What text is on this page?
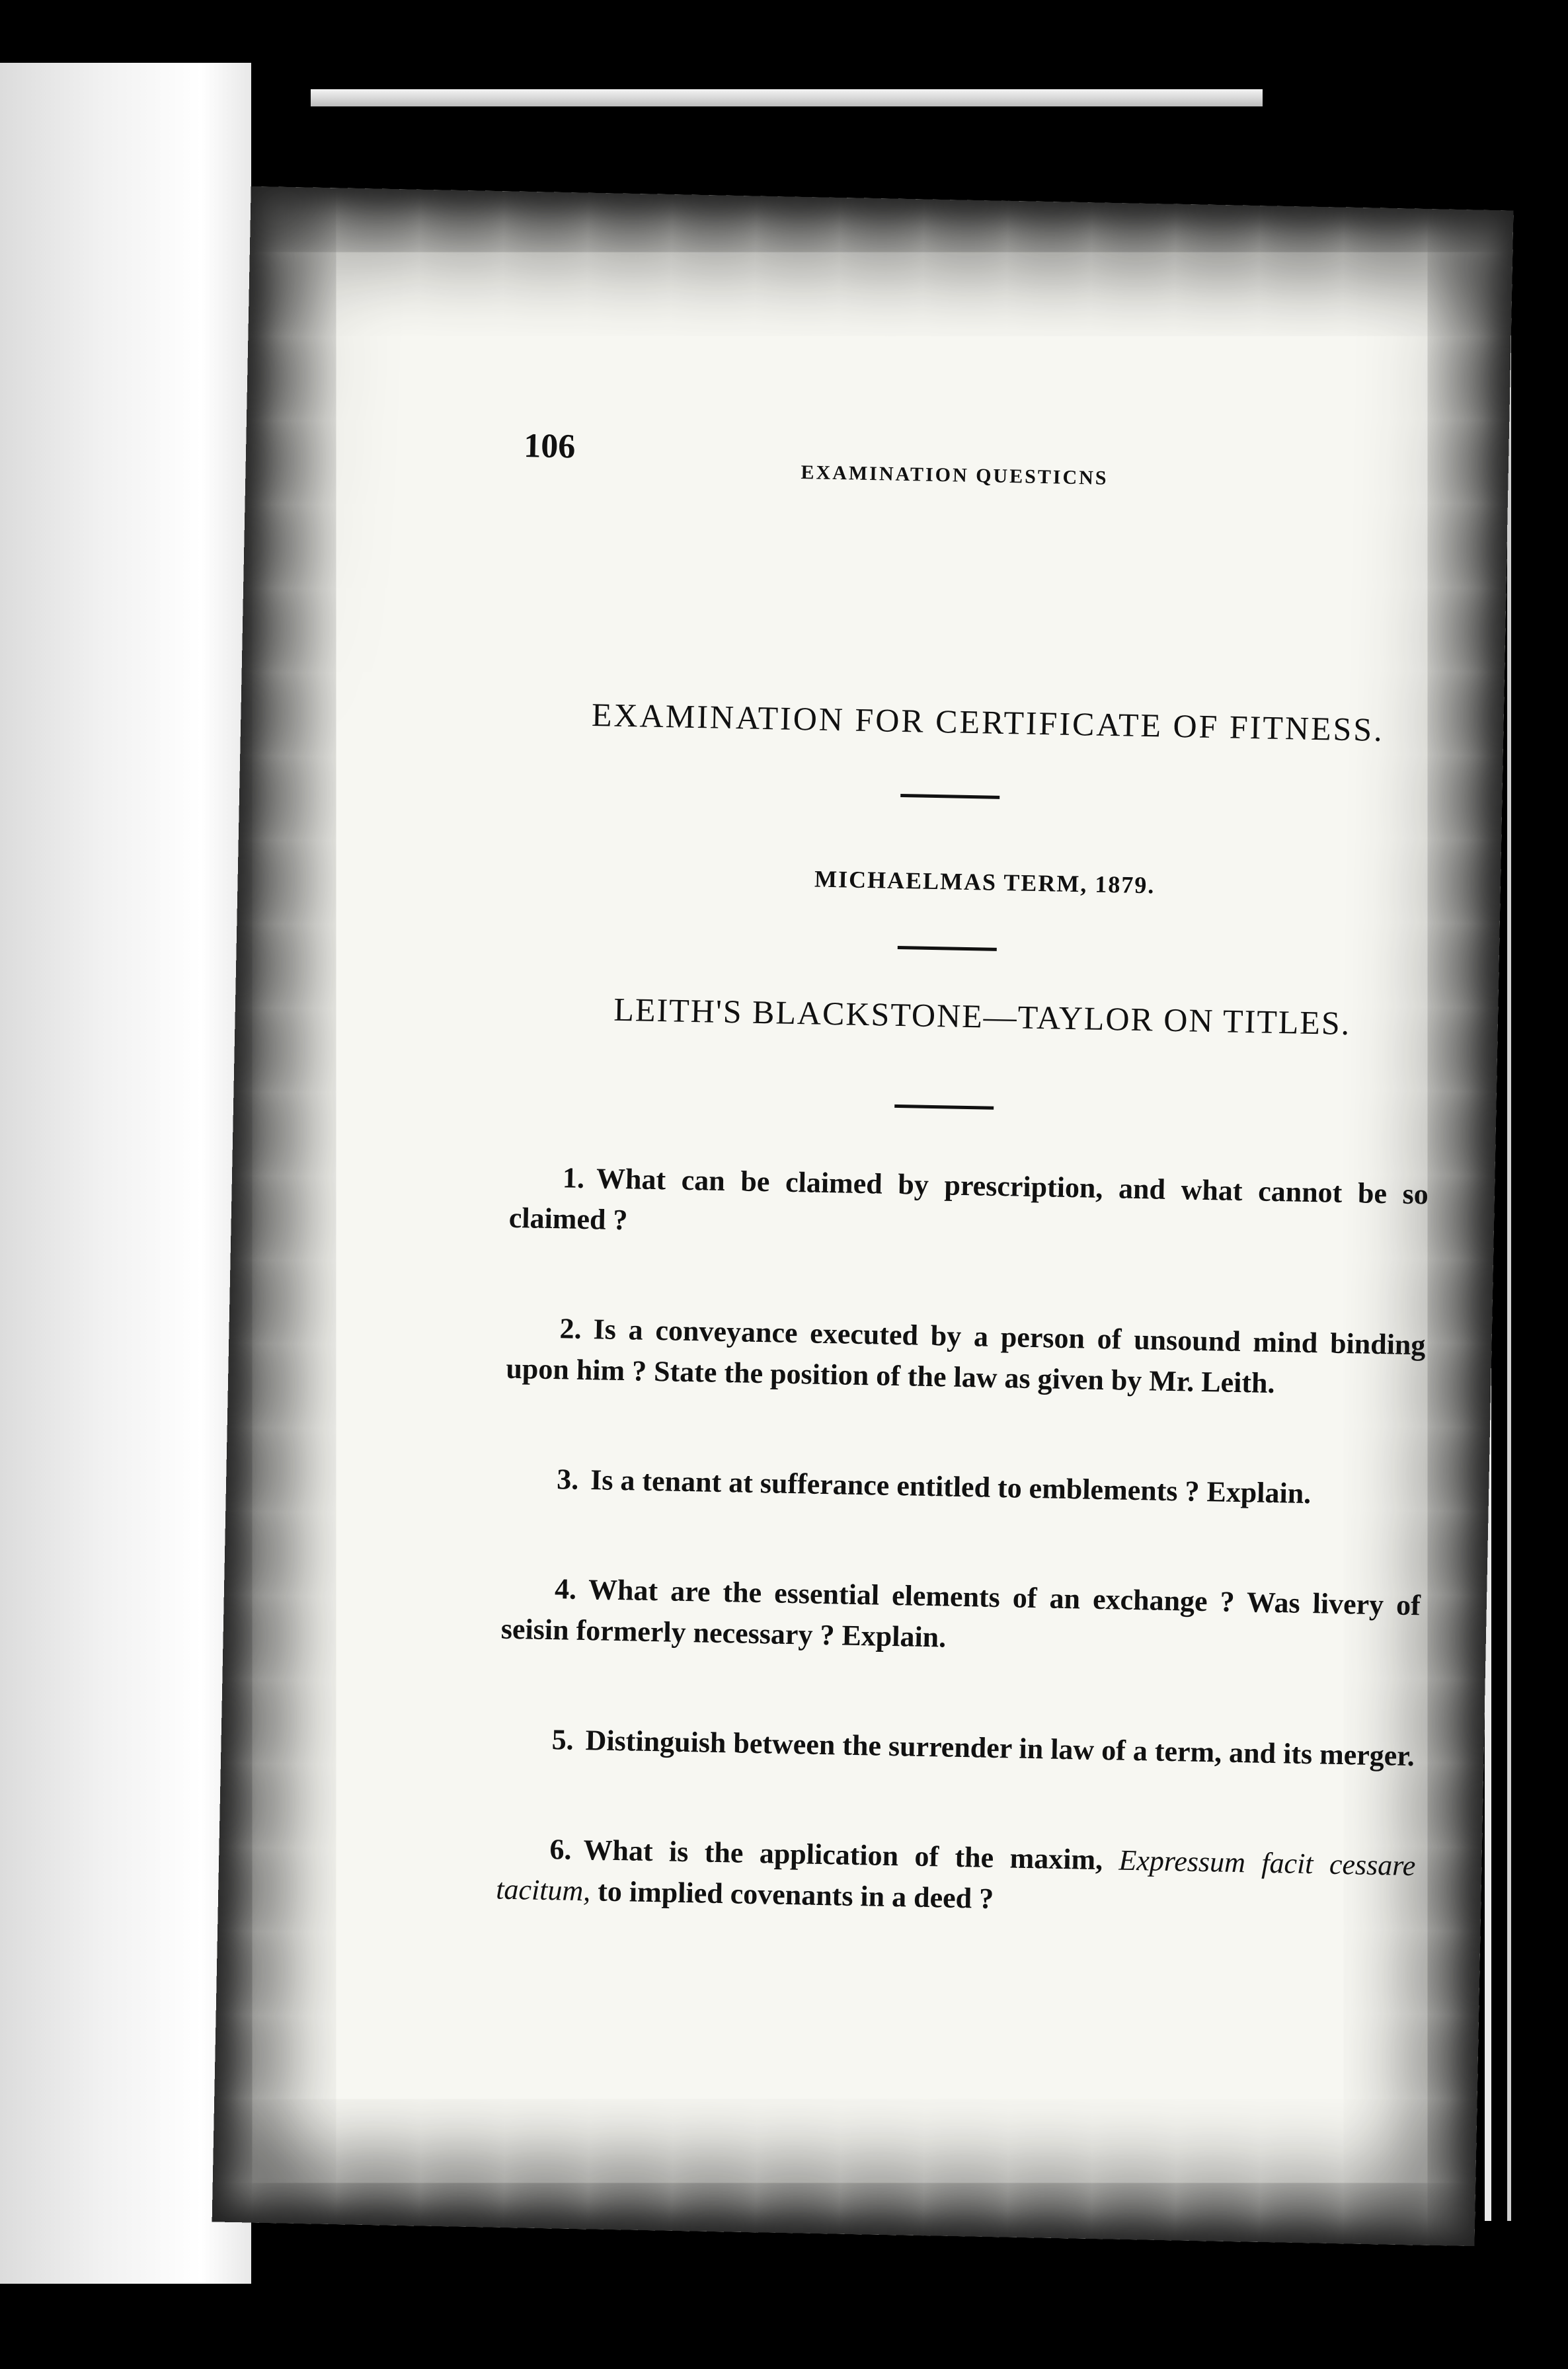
106
EXAMINATION QUESTICNS
EXAMINATION FOR CERTIFICATE OF FITNESS.
MICHAELMAS TERM, 1879.
LEITH'S BLACKSTONE—TAYLOR ON TITLES.

1. What can be claimed by prescription, and what cannot be so claimed ?

2. Is a conveyance executed by a person of unsound mind binding upon him ? State the position of the law as given by Mr. Leith.

3. Is a tenant at sufferance entitled to emblements ? Explain.

4. What are the essential elements of an exchange ? Was livery of seisin formerly necessary ? Explain.

5. Distinguish between the surrender in law of a term, and its merger.

6. What is the application of the maxim, Expressum facit cessare tacitum, to implied covenants in a deed ?
